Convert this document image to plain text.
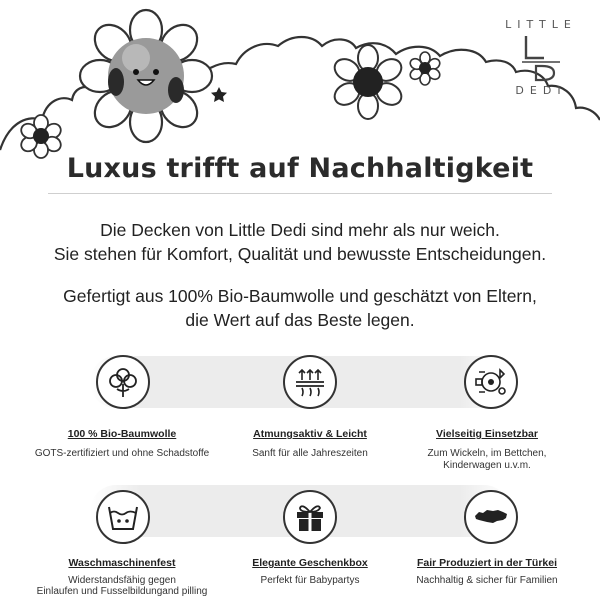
LITTLE
DEDI
Luxus trifft auf Nachhaltigkeit
Die Decken von Little Dedi sind mehr als nur weich.
Sie stehen für Komfort, Qualität und bewusste Entscheidungen.
Gefertigt aus 100% Bio-Baumwolle und geschätzt von Eltern,
die Wert auf das Beste legen.
100 % Bio-Baumwolle
GOTS-zertifiziert und ohne Schadstoffe
Atmungsaktiv & Leicht
Sanft für alle Jahreszeiten
Vielseitig Einsetzbar
Zum Wickeln, im Bettchen,
Kinderwagen u.v.m.
Waschmaschinenfest
Widerstandsfähig gegen
Einlaufen und Fusselbildungand pilling
Elegante Geschenkbox
Perfekt für Babypartys
Fair Produziert in der Türkei
Nachhaltig & sicher für Familien
